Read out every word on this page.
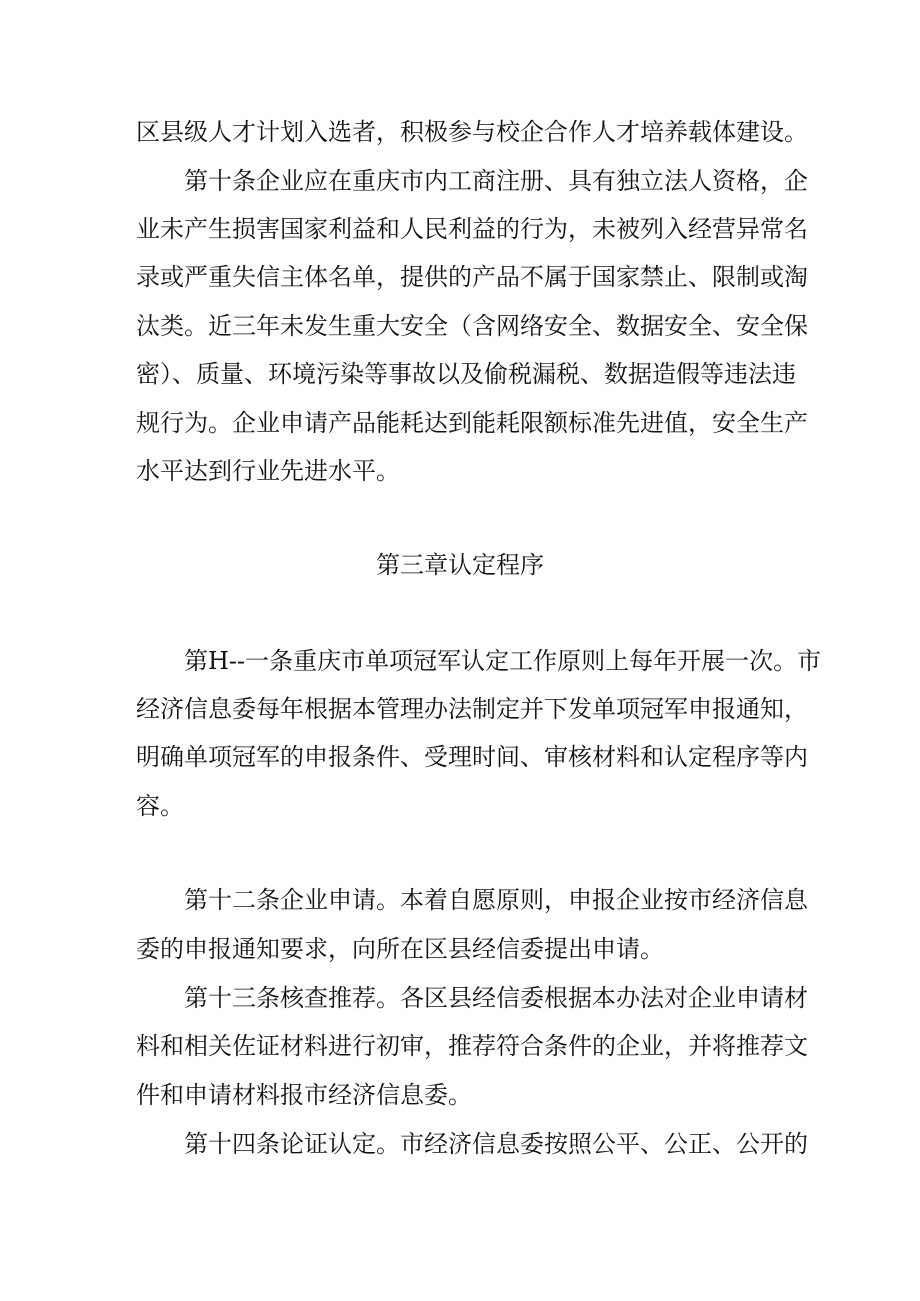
区县级人才计划入选者，积极参与校企合作人才培养载体建设。
第十条企业应在重庆市内工商注册、具有独立法人资格，企
业未产生损害国家利益和人民利益的行为，未被列入经营异常名
录或严重失信主体名单，提供的产品不属于国家禁止、限制或淘
汰类。近三年未发生重大安全（含网络安全、数据安全、安全保
密）、质量、环境污染等事故以及偷税漏税、数据造假等违法违
规行为。企业申请产品能耗达到能耗限额标准先进值，安全生产
水平达到行业先进水平。
第三章认定程序
第H--一条重庆市单项冠军认定工作原则上每年开展一次。市
经济信息委每年根据本管理办法制定并下发单项冠军申报通知，
明确单项冠军的申报条件、受理时间、审核材料和认定程序等内
容。
第十二条企业申请。本着自愿原则，申报企业按市经济信息
委的申报通知要求，向所在区县经信委提出申请。
第十三条核查推荐。各区县经信委根据本办法对企业申请材
料和相关佐证材料进行初审，推荐符合条件的企业，并将推荐文
件和申请材料报市经济信息委。
第十四条论证认定。市经济信息委按照公平、公正、公开的
